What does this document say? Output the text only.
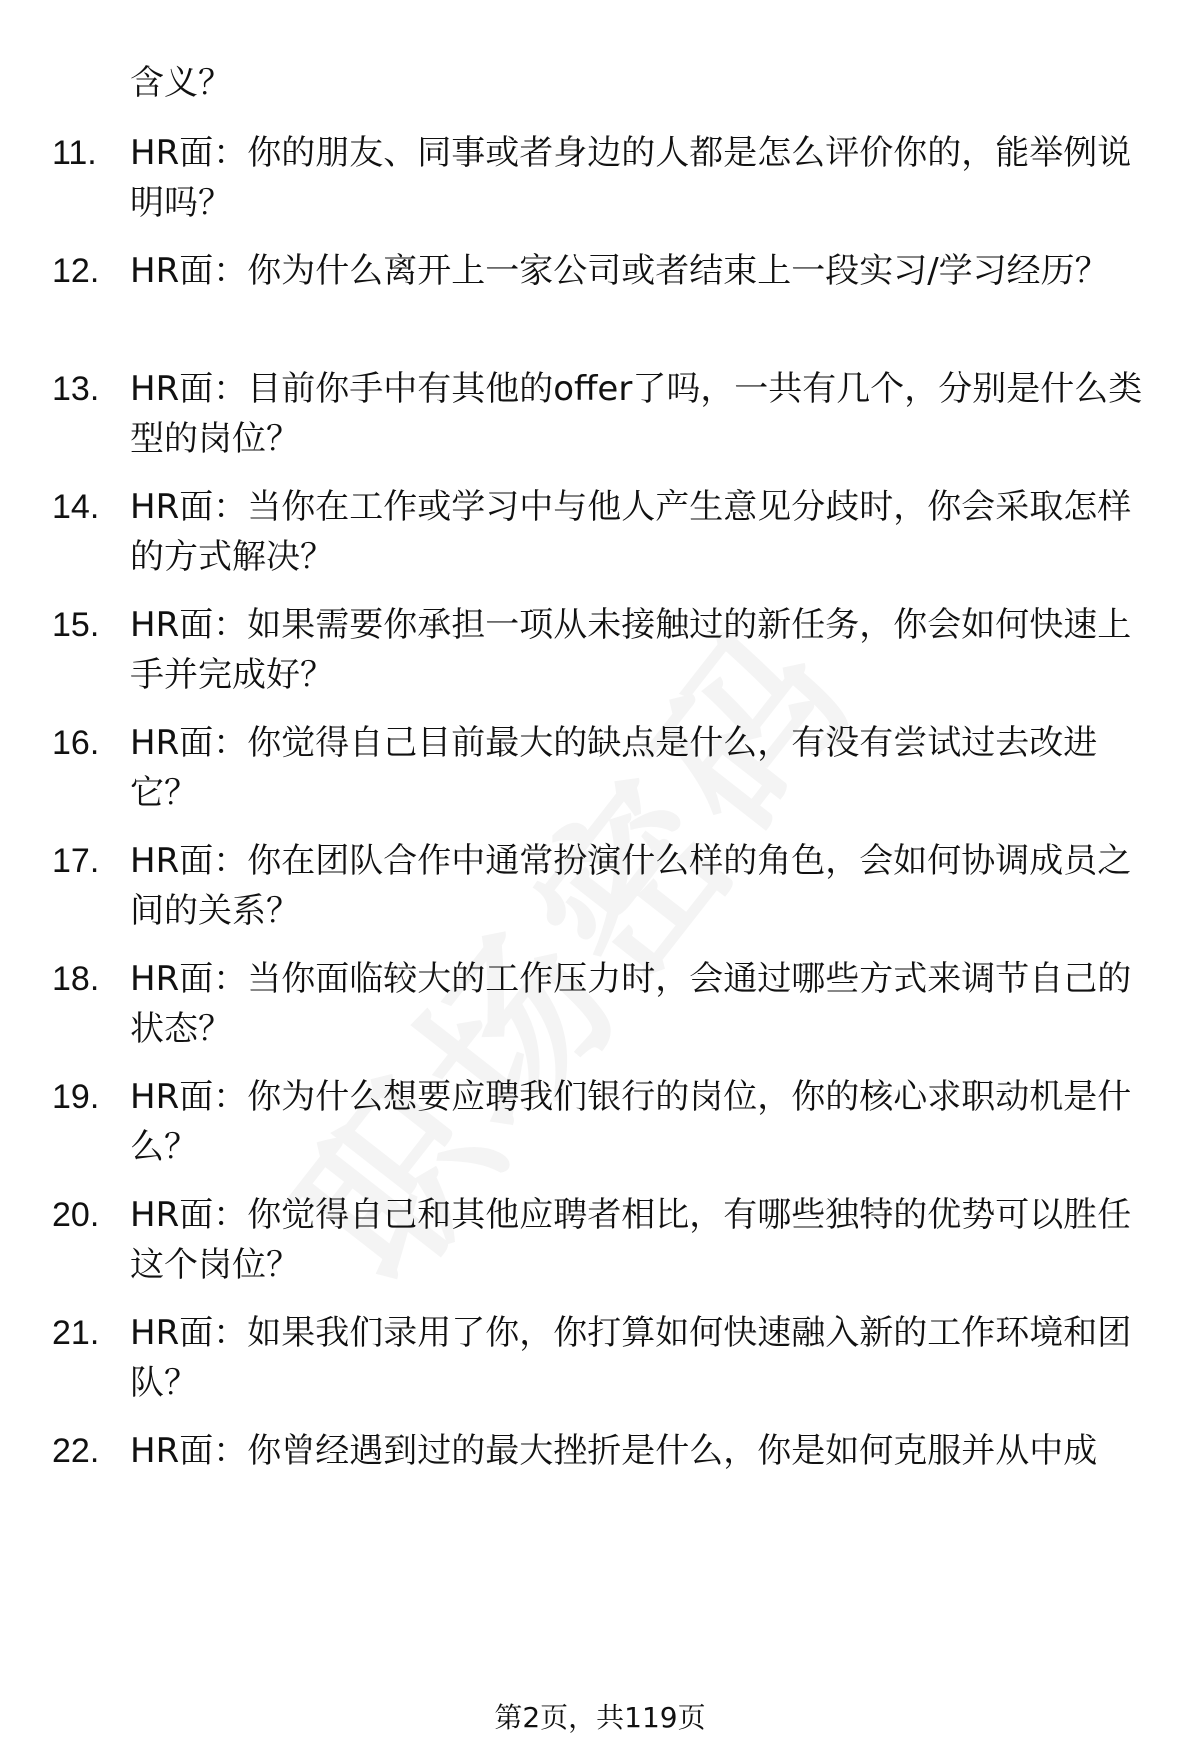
含义？
11. HR面：你的朋友、同事或者身边的人都是怎么评价你的，能举例说明吗？
12. HR面：你为什么离开上一家公司或者结束上一段实习/学习经历？
13. HR面：目前你手中有其他的offer了吗，一共有几个，分别是什么类型的岗位？
14. HR面：当你在工作或学习中与他人产生意见分歧时，你会采取怎样的方式解决？
15. HR面：如果需要你承担一项从未接触过的新任务，你会如何快速上手并完成好？
16. HR面：你觉得自己目前最大的缺点是什么，有没有尝试过去改进它？
17. HR面：你在团队合作中通常扮演什么样的角色，会如何协调成员之间的关系？
18. HR面：当你面临较大的工作压力时，会通过哪些方式来调节自己的状态？
19. HR面：你为什么想要应聘我们银行的岗位，你的核心求职动机是什么？
20. HR面：你觉得自己和其他应聘者相比，有哪些独特的优势可以胜任这个岗位？
21. HR面：如果我们录用了你，你打算如何快速融入新的工作环境和团队？
22. HR面：你曾经遇到过的最大挫折是什么，你是如何克服并从中成
第2页，共119页
